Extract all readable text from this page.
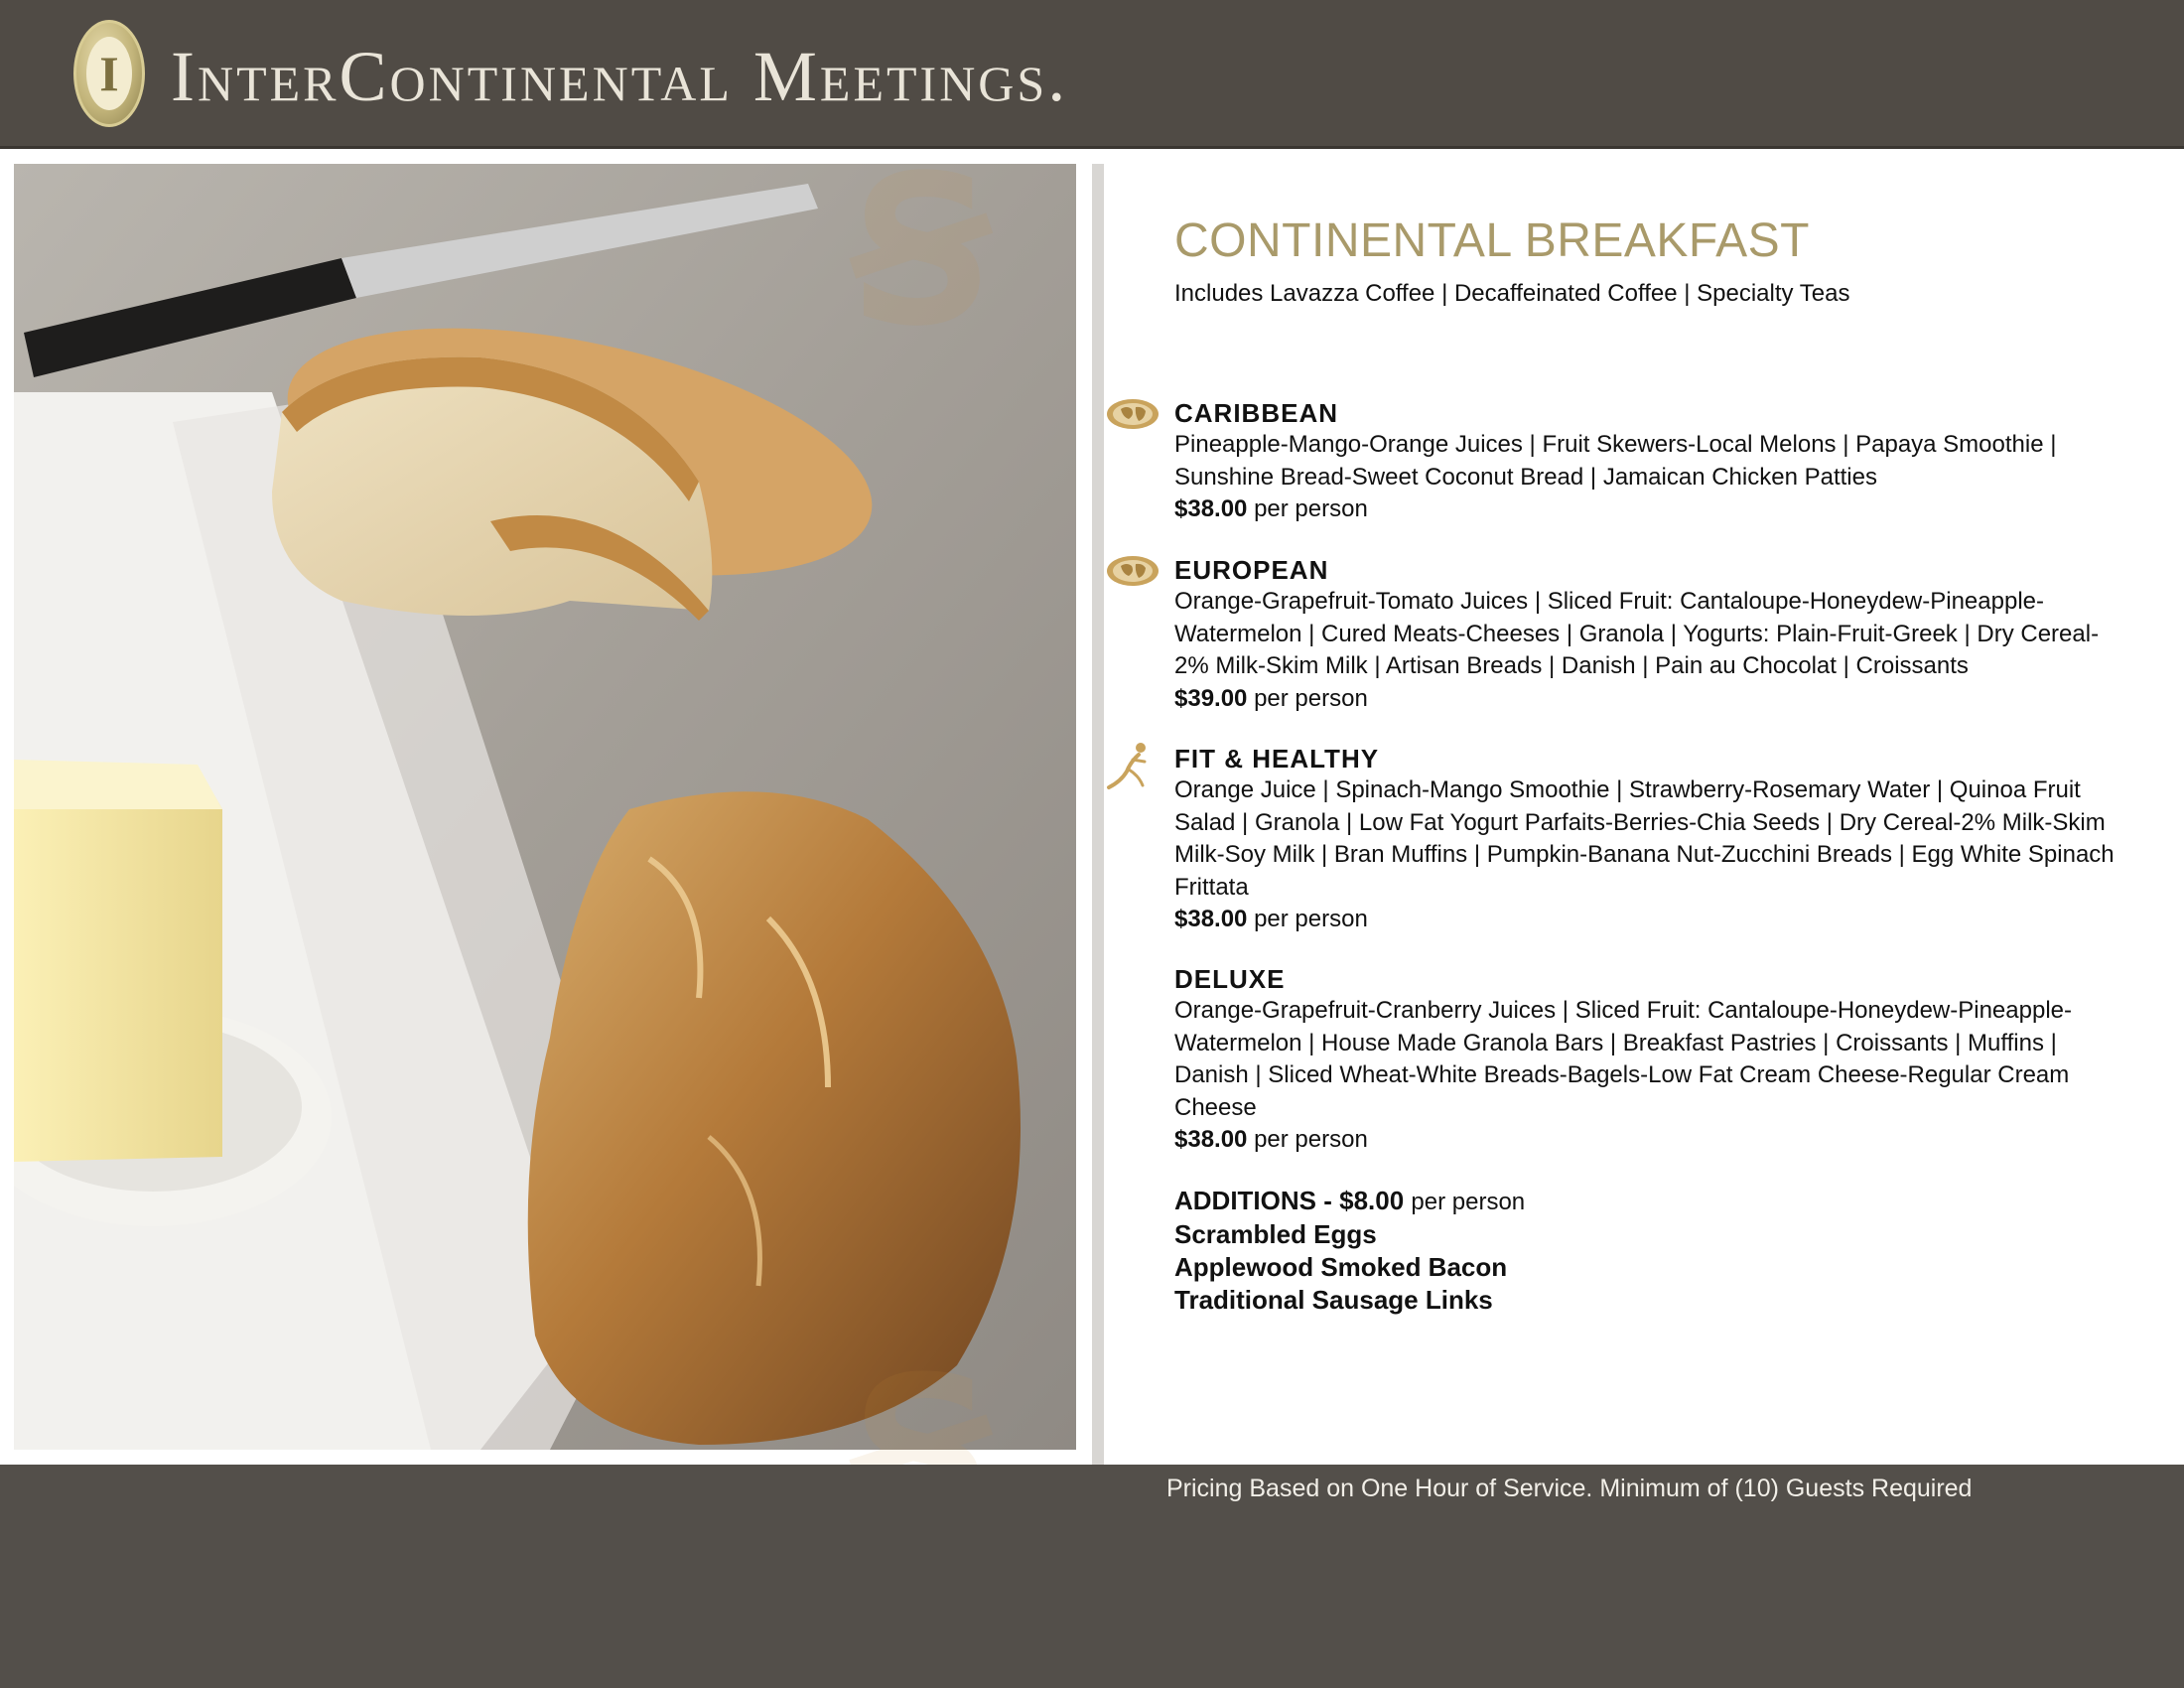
I InterContinental Meetings.
CONTINENTAL BREAKFAST
Includes Lavazza Coffee | Decaffeinated Coffee | Specialty Teas
CARIBBEAN
Pineapple-Mango-Orange Juices | Fruit Skewers-Local Melons | Papaya Smoothie | Sunshine Bread-Sweet Coconut Bread | Jamaican Chicken Patties
$38.00 per person
EUROPEAN
Orange-Grapefruit-Tomato Juices | Sliced Fruit: Cantaloupe-Honeydew-Pineapple-Watermelon | Cured Meats-Cheeses | Granola | Yogurts: Plain-Fruit-Greek | Dry Cereal-2% Milk-Skim Milk | Artisan Breads | Danish | Pain au Chocolat | Croissants
$39.00 per person
FIT & HEALTHY
Orange Juice | Spinach-Mango Smoothie | Strawberry-Rosemary Water | Quinoa Fruit Salad | Granola | Low Fat Yogurt Parfaits-Berries-Chia Seeds | Dry Cereal-2% Milk-Skim Milk-Soy Milk | Bran Muffins | Pumpkin-Banana Nut-Zucchini Breads | Egg White Spinach Frittata
$38.00 per person
DELUXE
Orange-Grapefruit-Cranberry Juices | Sliced Fruit: Cantaloupe-Honeydew-Pineapple-Watermelon | House Made Granola Bars | Breakfast Pastries | Croissants | Muffins | Danish | Sliced Wheat-White Breads-Bagels-Low Fat Cream Cheese-Regular Cream Cheese
$38.00 per person
ADDITIONS - $8.00 per person
Scrambled Eggs
Applewood Smoked Bacon
Traditional Sausage Links
Pricing Based on One Hour of Service. Minimum of (10) Guests Required
